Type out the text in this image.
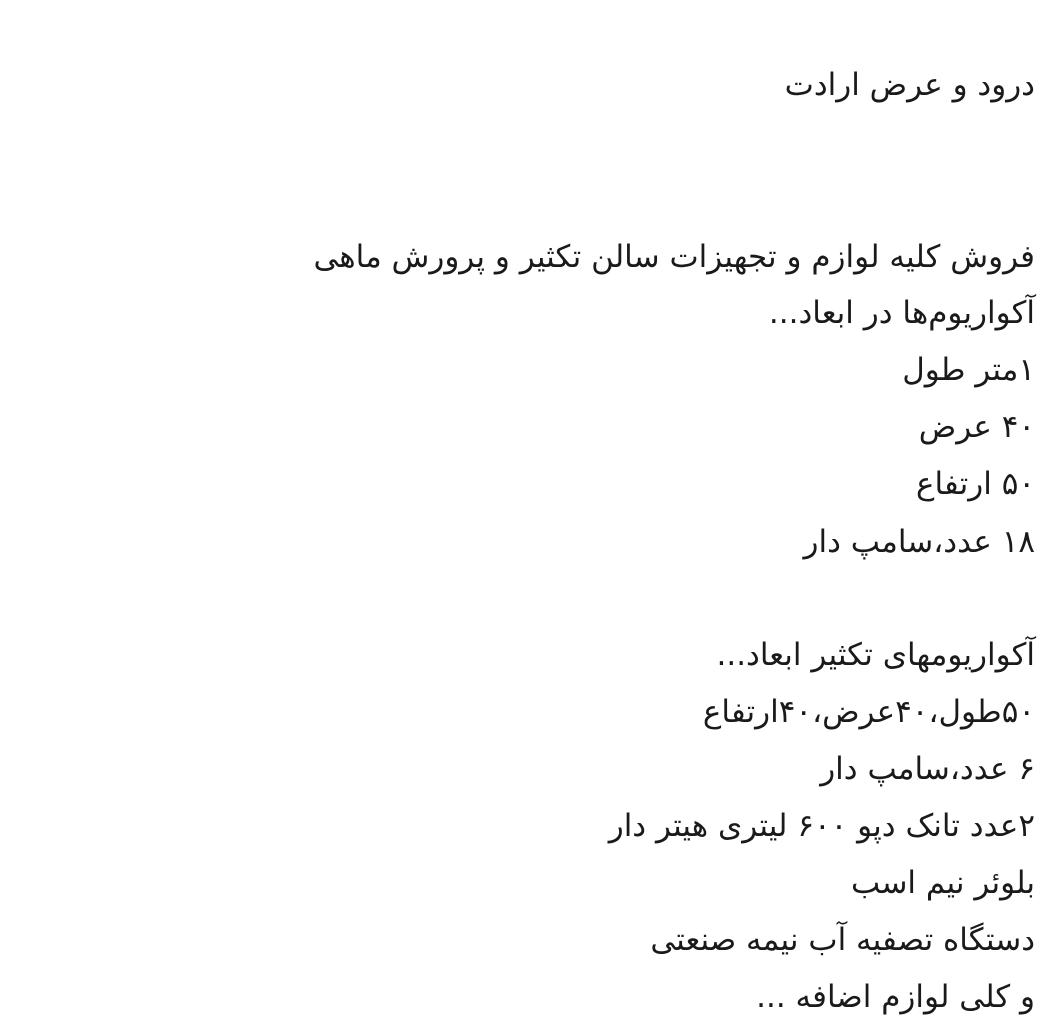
درود و عرض ارادت
فروش کلیه لوازم و تجهیزات سالن تکثیر و پرورش ماهی
آکواریوم‌ها در ابعاد...
۱متر طول
۴۰ عرض
۵۰ ارتفاع
۱۸ عدد،سامپ دار
آکواریومهای تکثیر ابعاد...
۵۰طول،۴۰عرض،۴۰ارتفاع
۶ عدد،سامپ دار
۲عدد تانک دپو ۶۰۰ لیتری هیتر دار
بلوئر نیم اسب
دستگاه تصفیه آب نیمه صنعتی
و کلی لوازم اضافه ...
